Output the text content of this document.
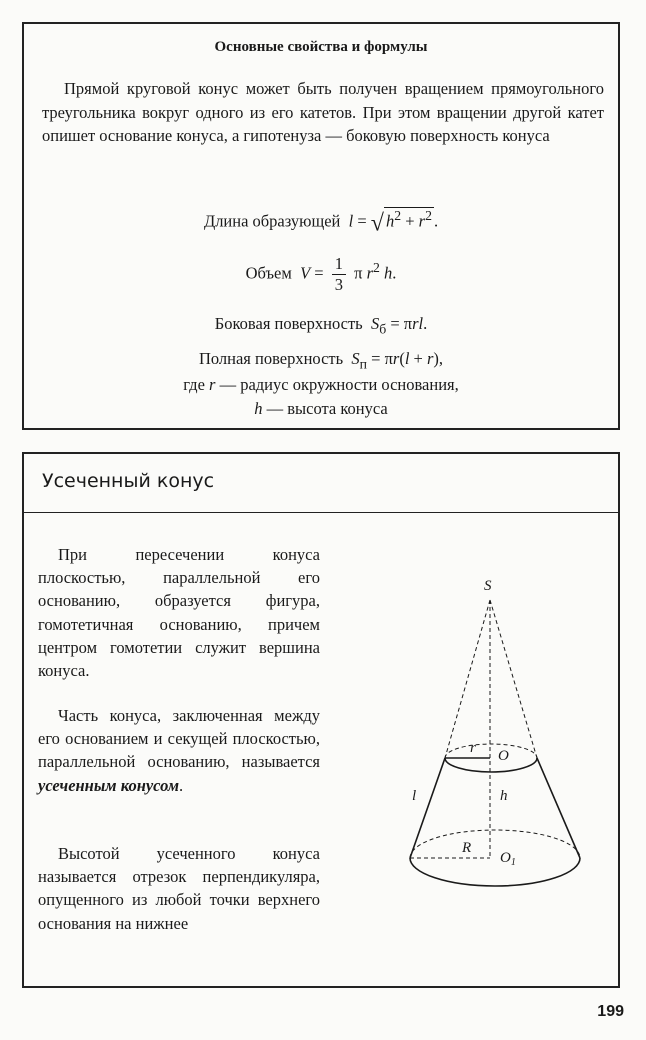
Основные свойства и формулы
Прямой круговой конус может быть получен вращением прямоугольного треугольника вокруг одного из его катетов. При этом вращении другой катет опишет основание конуса, а гипотенуза — боковую поверхность конуса
Длина образующей  l = √ $h^2 + r^2$ .
Объем  $V = \frac{1}{3}$ π $r^2$ h.
Боковая поверхность  $S_б = \pi rl$.
Полная поверхность  $S_п = \pi r(l + r)$,
где r — радиус окружности основания,
h — высота конуса
Усеченный конус
При пересечении конуса плоскостью, параллельной его основанию, образуется фигура, гомотетичная основанию, причем центром гомотетии служит вершина конуса.
Часть конуса, заключенная между его основанием и секущей плоскостью, параллельной основанию, называется усеченным конусом.
Высотой усеченного конуса называется отрезок перпендикуляра, опущенного из любой точки верхнего основания на нижнее
S
r O
l	h
R
$O_1$
199
